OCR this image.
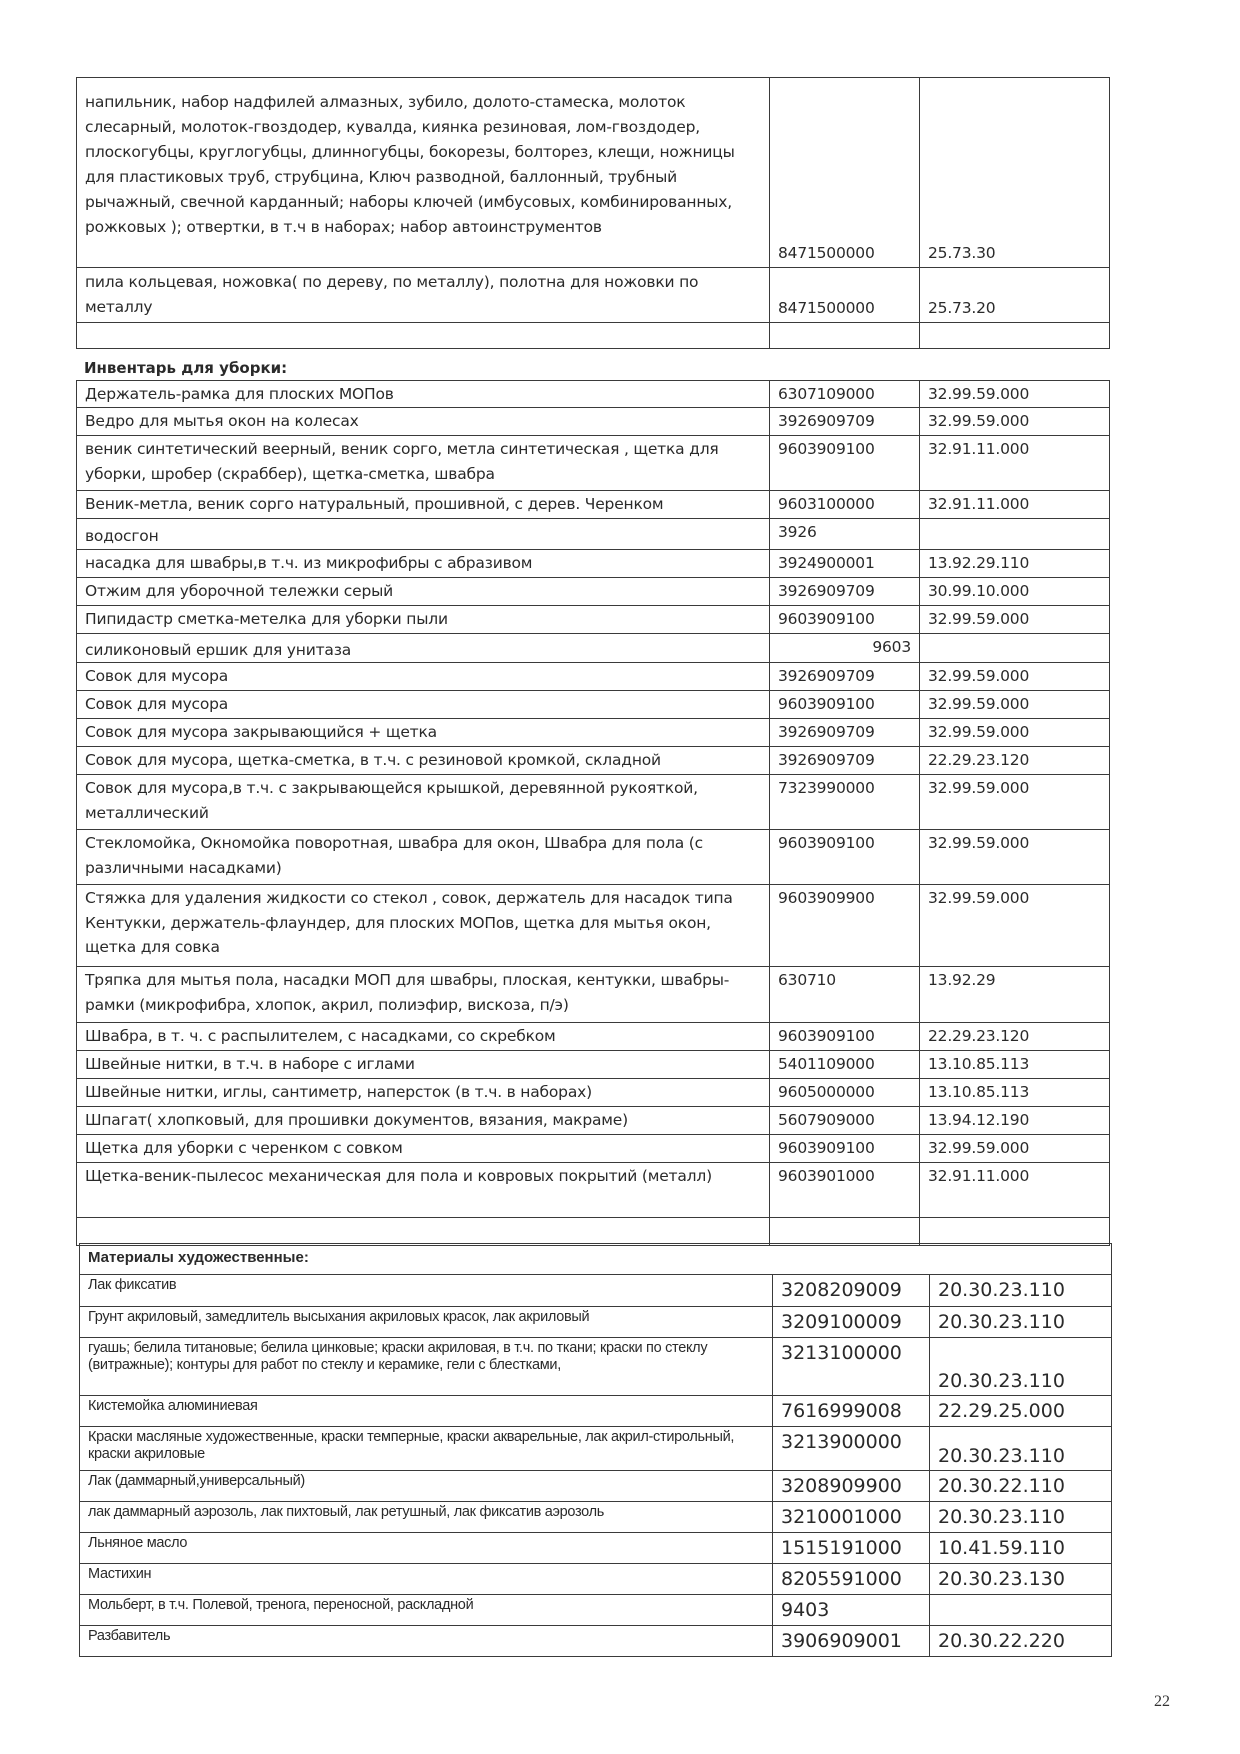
напильник, набор надфилей алмазных, зубило, долото-стамеска, молоток слесарный, молоток-гвоздодер, кувалда, киянка резиновая, лом-гвоздодер, плоскогубцы, круглогубцы, длинногубцы, бокорезы, болторез, клещи, ножницы для пластиковых труб, струбцина, Ключ разводной, баллонный, трубный рычажный, свечной карданный; наборы ключей (имбусовых, комбинированных, рожковых ); отвертки, в т.ч в наборах; набор автоинструментов	8471500000	25.73.30
пила кольцевая, ножовка( по дереву, по металлу), полотна для ножовки по металлу	8471500000	25.73.20

Инвентарь для уборки:
Держатель-рамка для плоских МОПов	6307109000	32.99.59.000
Ведро для мытья окон на колесах	3926909709	32.99.59.000
веник синтетический веерный, веник сорго, метла синтетическая , щетка для уборки, шробер (скраббер), щетка-сметка, швабра	9603909100	32.91.11.000
Веник-метла, веник сорго натуральный, прошивной, с дерев. Черенком	9603100000	32.91.11.000
водосгон	3926	
насадка для швабры,в т.ч. из микрофибры с абразивом	3924900001	13.92.29.110
Отжим для уборочной тележки серый	3926909709	30.99.10.000
Пипидастр сметка-метелка для уборки пыли	9603909100	32.99.59.000
силиконовый ершик для унитаза	9603	
Совок для мусора	3926909709	32.99.59.000
Совок для мусора	9603909100	32.99.59.000
Совок для мусора закрывающийся + щетка	3926909709	32.99.59.000
Совок для мусора, щетка-сметка, в т.ч. с резиновой кромкой, складной	3926909709	22.29.23.120
Совок для мусора,в т.ч. с закрывающейся крышкой, деревянной рукояткой, металлический	7323990000	32.99.59.000
Стекломойка, Окномойка поворотная, швабра для окон, Швабра для пола (с различными насадками)	9603909100	32.99.59.000
Стяжка для удаления жидкости со стекол , совок, держатель для насадок типа Кентукки, держатель-флаундер, для плоских МОПов, щетка для мытья окон, щетка для совка	9603909900	32.99.59.000
Тряпка для мытья пола, насадки МОП для швабры, плоская, кентукки, швабры-рамки (микрофибра, хлопок, акрил, полиэфир, вискоза, п/э)	630710	13.92.29
Швабра, в т. ч. с распылителем, с насадками, со скребком	9603909100	22.29.23.120
Швейные нитки, в т.ч. в наборе с иглами	5401109000	13.10.85.113
Швейные нитки, иглы, сантиметр, наперсток (в т.ч. в наборах)	9605000000	13.10.85.113
Шпагат( хлопковый, для прошивки документов, вязания, макраме)	5607909000	13.94.12.190
Щетка для уборки с черенком с совком	9603909100	32.99.59.000
Щетка-веник-пылесос механическая для пола и ковровых покрытий (металл)	9603901000	32.91.11.000

Материалы художественные:
Лак фиксатив	3208209009	20.30.23.110
Грунт акриловый, замедлитель высыхания акриловых красок, лак акриловый	3209100009	20.30.23.110
гуашь; белила титановые; белила цинковые; краски акриловая, в т.ч. по ткани; краски по стеклу (витражные); контуры для работ по стеклу и керамике, гели с блестками,	3213100000	20.30.23.110
Кистемойка алюминиевая	7616999008	22.29.25.000
Краски масляные художественные, краски темперные, краски акварельные, лак акрил-стирольный, краски акриловые	3213900000	20.30.23.110
Лак (даммарный,универсальный)	3208909900	20.30.22.110
лак даммарный аэрозоль, лак пихтовый, лак ретушный, лак фиксатив аэрозоль	3210001000	20.30.23.110
Льняное масло	1515191000	10.41.59.110
Мастихин	8205591000	20.30.23.130
Мольберт, в т.ч. Полевой, тренога, переносной, раскладной	9403	
Разбавитель	3906909001	20.30.22.220
22
